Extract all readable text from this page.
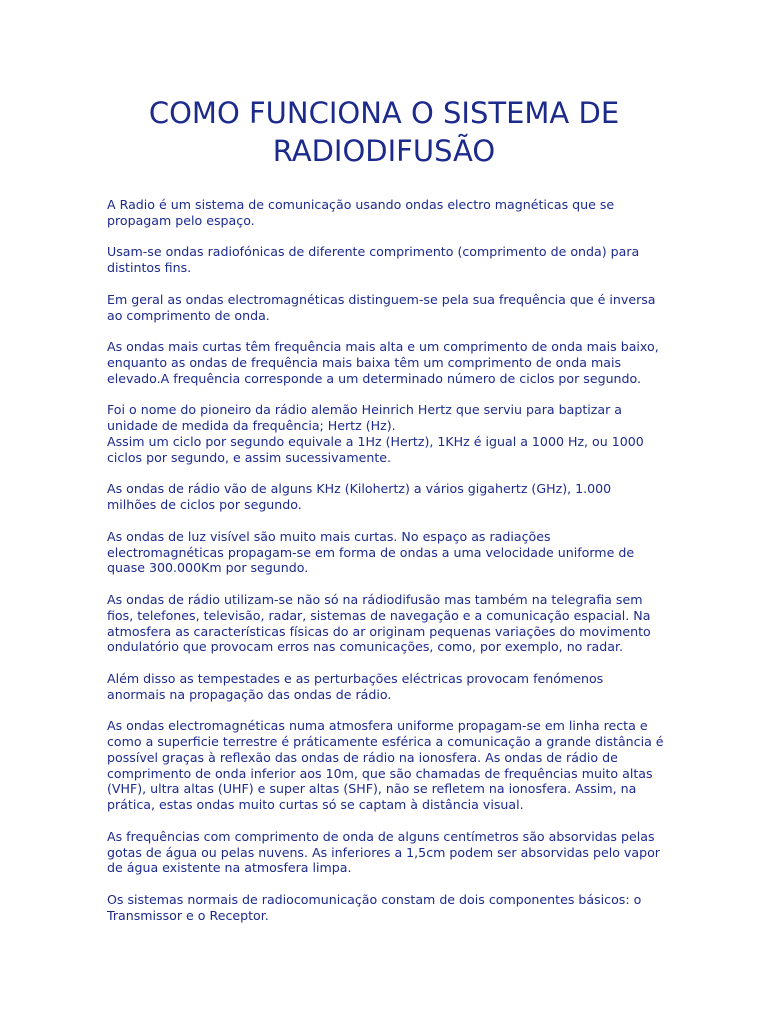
COMO FUNCIONA O SISTEMA DE
RADIODIFUSÃO

A Radio é um sistema de comunicação usando ondas electro magnéticas que se
propagam pelo espaço.

Usam-se ondas radiofónicas de diferente comprimento (comprimento de onda) para
distintos fins.

Em geral as ondas electromagnéticas distinguem-se pela sua frequência que é inversa
ao comprimento de onda.

As ondas mais curtas têm frequência mais alta e um comprimento de onda mais baixo,
enquanto as ondas de frequência mais baixa têm um comprimento de onda mais
elevado.A frequência corresponde a um determinado número de ciclos por segundo.

Foi o nome do pioneiro da rádio alemão Heinrich Hertz que serviu para baptizar a
unidade de medida da frequência; Hertz (Hz).
Assim um ciclo por segundo equivale a 1Hz (Hertz), 1KHz é igual a 1000 Hz, ou 1000
ciclos por segundo, e assim sucessivamente.

As ondas de rádio vão de alguns KHz (Kilohertz) a vários gigahertz (GHz), 1.000
milhões de ciclos por segundo.

As ondas de luz visível são muito mais curtas. No espaço as radiações
electromagnéticas propagam-se em forma de ondas a uma velocidade uniforme de
quase 300.000Km por segundo.

As ondas de rádio utilizam-se não só na rádiodifusão mas também na telegrafia sem
fios, telefones, televisão, radar, sistemas de navegação e a comunicação espacial. Na
atmosfera as características físicas do ar originam pequenas variações do movimento
ondulatório que provocam erros nas comunicações, como, por exemplo, no radar.

Além disso as tempestades e as perturbações eléctricas provocam fenómenos
anormais na propagação das ondas de rádio.

As ondas electromagnéticas numa atmosfera uniforme propagam-se em linha recta e
como a superficie terrestre é práticamente esférica a comunicação a grande distância é
possível graças à reflexão das ondas de rádio na ionosfera. As ondas de rádio de
comprimento de onda inferior aos 10m, que são chamadas de frequências muito altas
(VHF), ultra altas (UHF) e super altas (SHF), não se refletem na ionosfera. Assim, na
prática, estas ondas muito curtas só se captam à distância visual.

As frequências com comprimento de onda de alguns centímetros são absorvidas pelas
gotas de água ou pelas nuvens. As inferiores a 1,5cm podem ser absorvidas pelo vapor
de água existente na atmosfera limpa.

Os sistemas normais de radiocomunicação constam de dois componentes básicos: o
Transmissor e o Receptor.
